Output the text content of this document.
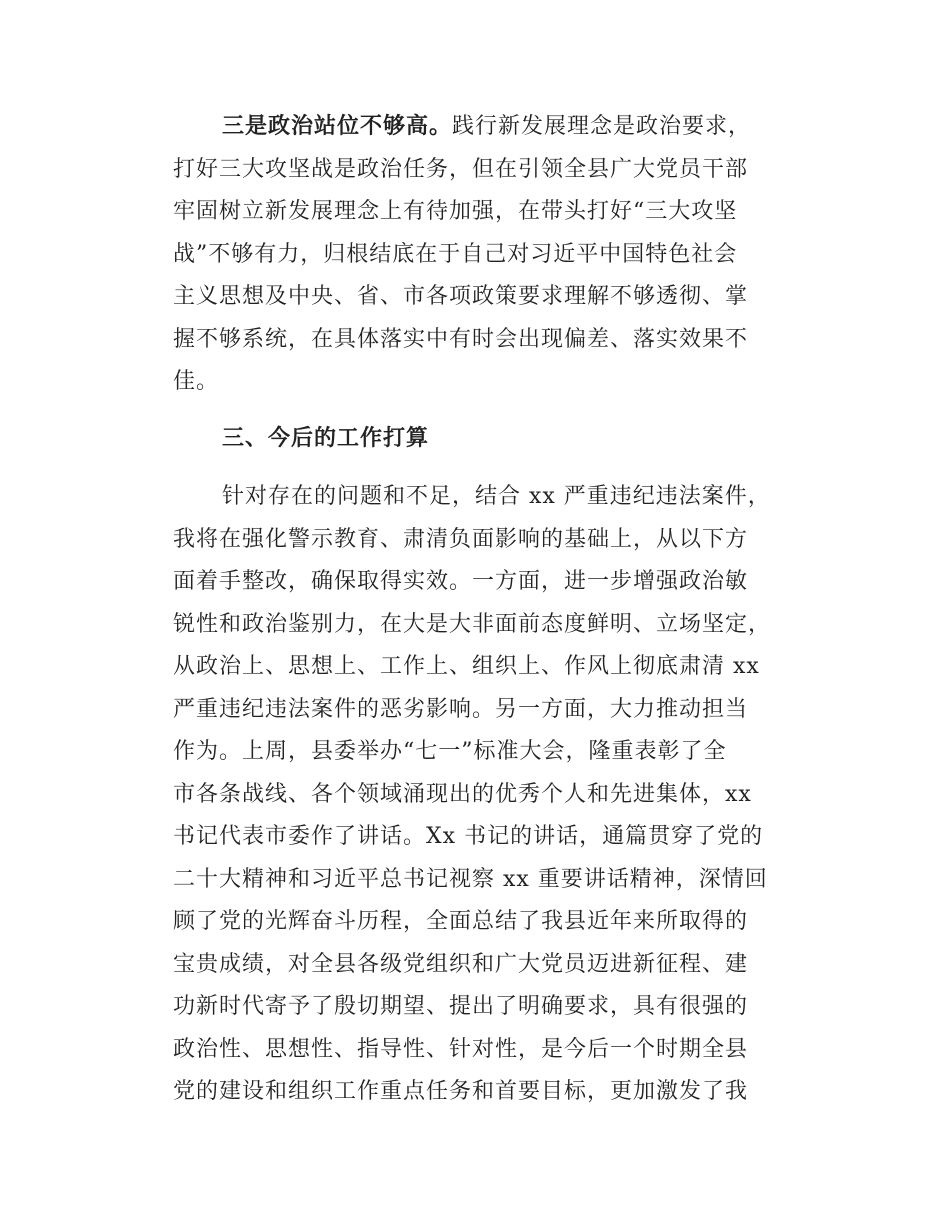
三是政治站位不够高。践行新发展理念是政治要求，
打好三大攻坚战是政治任务，但在引领全县广大党员干部
牢固树立新发展理念上有待加强，在带头打好“三大攻坚
战”不够有力，归根结底在于自己对习近平中国特色社会
主义思想及中央、省、市各项政策要求理解不够透彻、掌
握不够系统，在具体落实中有时会出现偏差、落实效果不
佳。
三、今后的工作打算
针对存在的问题和不足，结合 xx 严重违纪违法案件，
我将在强化警示教育、肃清负面影响的基础上，从以下方
面着手整改，确保取得实效。一方面，进一步增强政治敏
锐性和政治鉴别力，在大是大非面前态度鲜明、立场坚定，
从政治上、思想上、工作上、组织上、作风上彻底肃清 xx
严重违纪违法案件的恶劣影响。另一方面，大力推动担当
作为。上周，县委举办“七一”标准大会，隆重表彰了全
市各条战线、各个领域涌现出的优秀个人和先进集体，xx
书记代表市委作了讲话。Xx 书记的讲话，通篇贯穿了党的
二十大精神和习近平总书记视察 xx 重要讲话精神，深情回
顾了党的光辉奋斗历程，全面总结了我县近年来所取得的
宝贵成绩，对全县各级党组织和广大党员迈进新征程、建
功新时代寄予了殷切期望、提出了明确要求，具有很强的
政治性、思想性、指导性、针对性，是今后一个时期全县
党的建设和组织工作重点任务和首要目标，更加激发了我
